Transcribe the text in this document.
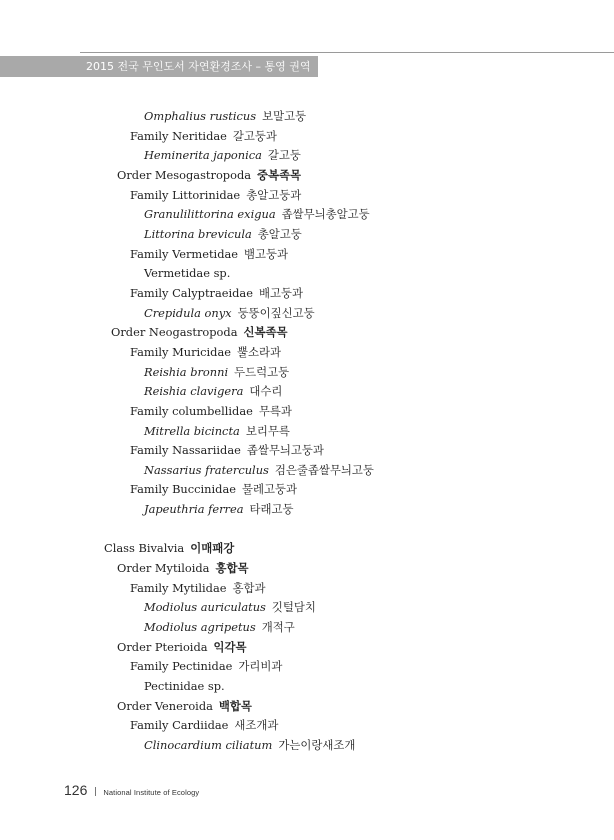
2015 전국 무인도서 자연환경조사 – 통영 권역
Omphalius rusticus 보말고둥
Family Neritidae 갈고둥과
Heminerita japonica 갈고둥
Order Mesogastropoda 중복족목
Family Littorinidae 총알고둥과
Granulilittorina exigua 좁쌀무늬총알고둥
Littorina brevicula 총알고둥
Family Vermetidae 뱀고둥과
Vermetidae sp.
Family Calyptraeidae 배고둥과
Crepidula onyx 둥뚱이짚신고둥
Order Neogastropoda 신복족목
Family Muricidae 뿔소라과
Reishia bronni 두드럭고둥
Reishia clavigera 대수리
Family columbellidae 무륵과
Mitrella bicincta 보리무륵
Family Nassariidae 좁쌀무늬고둥과
Nassarius fraterculus 검은줄좁쌀무늬고둥
Family Buccinidae 물레고둥과
Japeuthria ferrea 타래고둥
Class Bivalvia 이매패강
Order Mytiloida 홍합목
Family Mytilidae 홍합과
Modiolus auriculatus 깃털담치
Modiolus agripetus 개적구
Order Pterioida 익각목
Family Pectinidae 가리비과
Pectinidae sp.
Order Veneroida 백합목
Family Cardiidae 새조개과
Clinocardium ciliatum 가는이랑새조개
126 National Institute of Ecology
